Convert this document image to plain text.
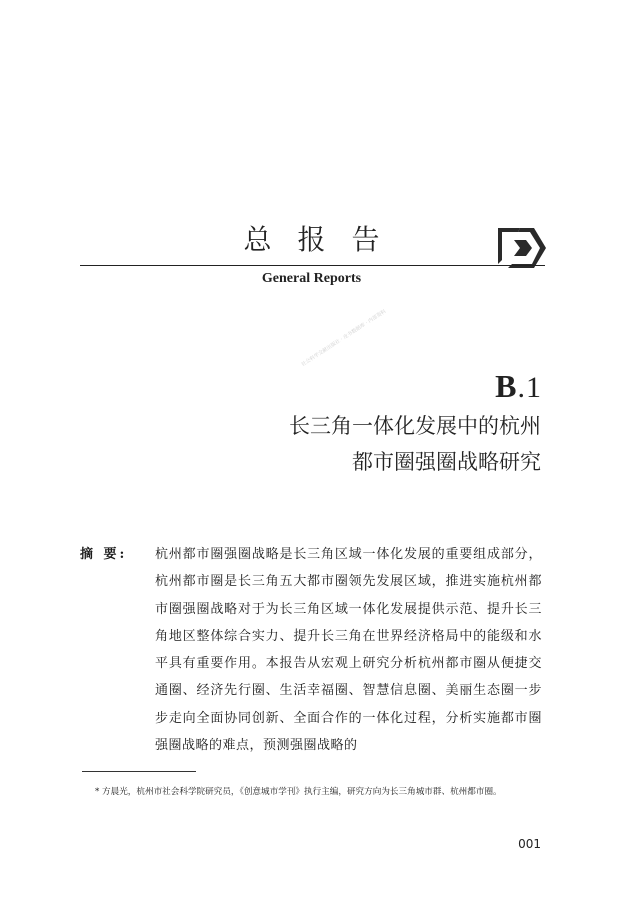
总报告
General Reports
社会科学文献出版社 · 皮书数据库 · 内部资料
B.1
长三角一体化发展中的杭州
都市圈强圈战略研究
摘 要: 杭州都市圈强圈战略是长三角区域一体化发展的重要组成部分，杭州都市圈是长三角五大都市圈领先发展区域，推进实施杭州都市圈强圈战略对于为长三角区域一体化发展提供示范、提升长三角地区整体综合实力、提升长三角在世界经济格局中的能级和水平具有重要作用。本报告从宏观上研究分析杭州都市圈从便捷交通圈、经济先行圈、生活幸福圈、智慧信息圈、美丽生态圈一步步走向全面协同创新、全面合作的一体化过程，分析实施都市圈强圈战略的难点，预测强圈战略的
* 方晨光，杭州市社会科学院研究员，《创意城市学刊》执行主编，研究方向为长三角城市群、杭州都市圈。
001
